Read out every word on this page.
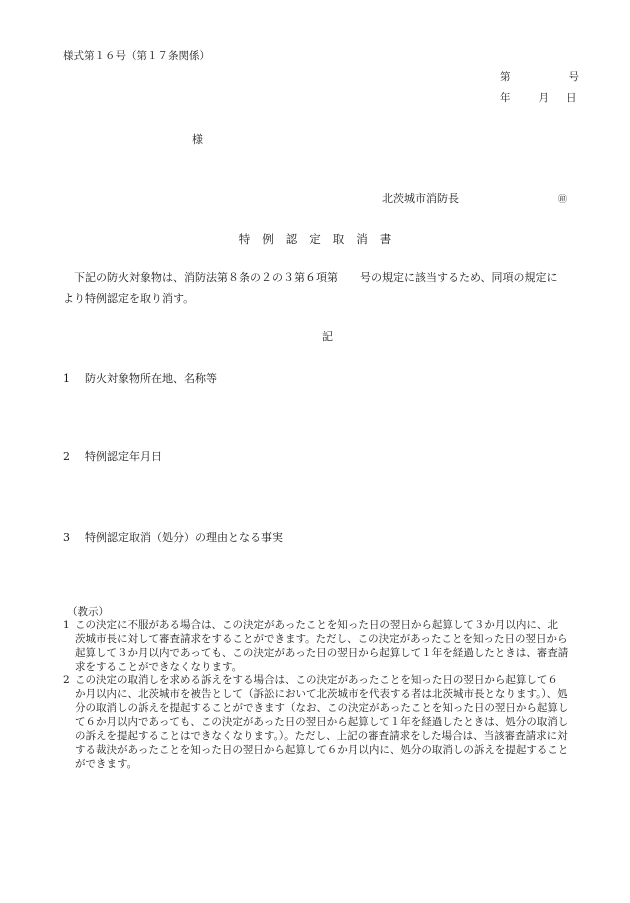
様式第１６号（第１７条関係）
第	号
年	月 日
様
北茨城市消防長	㊞
特 例 認 定 取 消 書
下記の防火対象物は、消防法第８条の２の３第６項第 号の規定に該当するため、同項の規定に
より特例認定を取り消す。
記
1 防火対象物所在地、名称等
2 特例認定年月日
3 特例認定取消（処分）の理由となる事実
（教示）
1 この決定に不服がある場合は、この決定があったことを知った日の翌日から起算して３か月以内に、北
茨城市長に対して審査請求をすることができます。ただし、この決定があったことを知った日の翌日から
起算して３か月以内であっても、この決定があった日の翌日から起算して１年を経過したときは、審査請
求をすることができなくなります。
2 この決定の取消しを求める訴えをする場合は、この決定があったことを知った日の翌日から起算して６
か月以内に、北茨城市を被告として（訴訟において北茨城市を代表する者は北茨城市長となります。）、処
分の取消しの訴えを提起することができます（なお、この決定があったことを知った日の翌日から起算し
て６か月以内であっても、この決定があった日の翌日から起算して１年を経過したときは、処分の取消し
の訴えを提起することはできなくなります。）。ただし、上記の審査請求をした場合は、当該審査請求に対
する裁決があったことを知った日の翌日から起算して６か月以内に、処分の取消しの訴えを提起すること
ができます。
